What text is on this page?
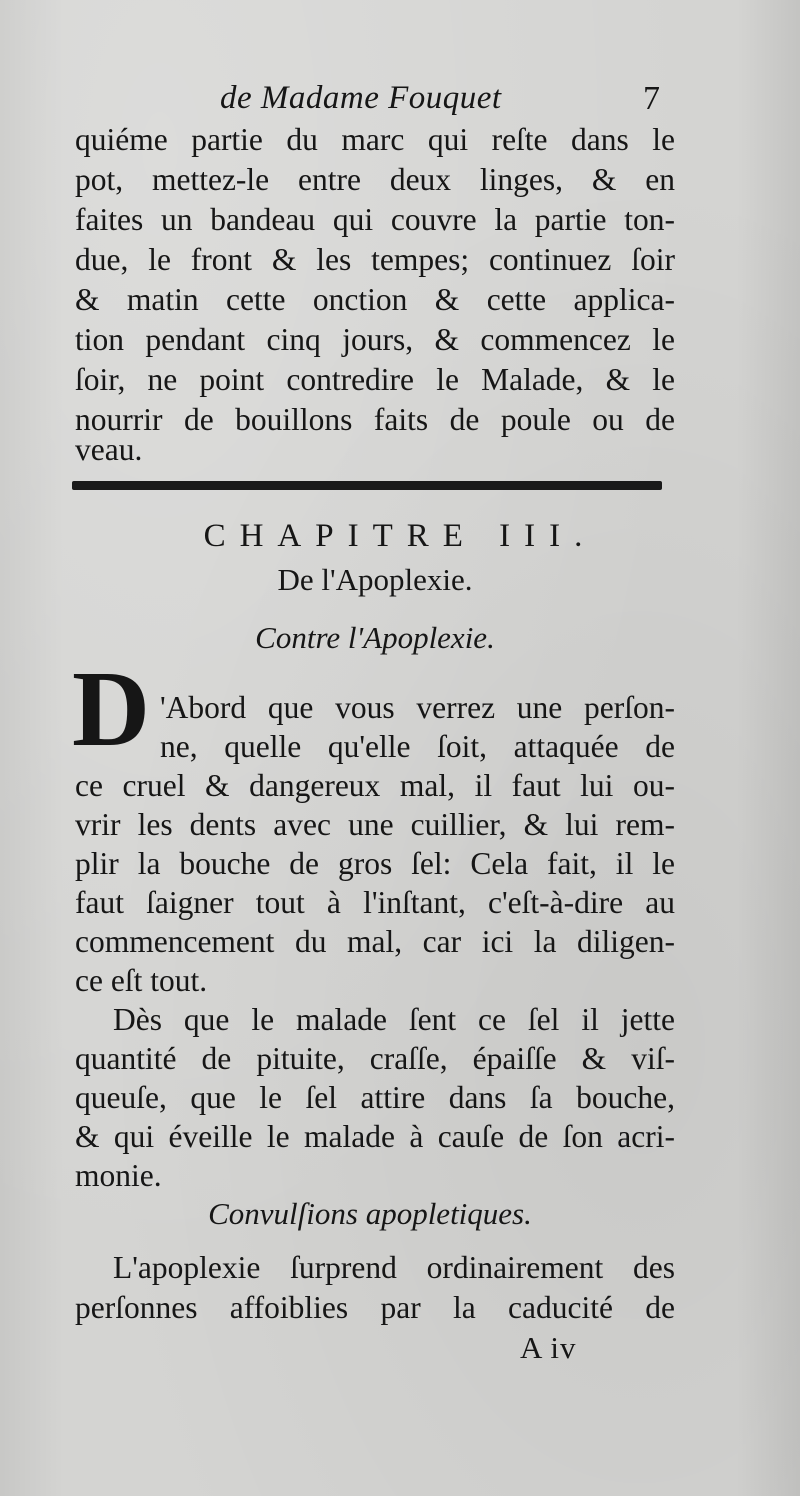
de Madame Fouquet	7
quiéme partie du marc qui reſte dans le
pot, mettez-le entre deux linges, & en
faites un bandeau qui couvre la partie ton-
due, le front & les tempes; continuez ſoir
& matin cette onction & cette applica-
tion pendant cinq jours, & commencez le
ſoir, ne point contredire le Malade, & le
nourrir de bouillons faits de poule ou de
veau.
CHAPITRE III.
De l'Apoplexie.
Contre l'Apoplexie.
D 'Abord que vous verrez une perſon-
ne, quelle qu'elle ſoit, attaquée de
ce cruel & dangereux mal, il faut lui ou-
vrir les dents avec une cuillier, & lui rem-
plir la bouche de gros ſel: Cela fait, il le
faut ſaigner tout à l'inſtant, c'eſt-à-dire au
commencement du mal, car ici la diligen-
ce eſt tout.
Dès que le malade ſent ce ſel il jette
quantité de pituite, craſſe, épaiſſe & viſ-
queuſe, que le ſel attire dans ſa bouche,
& qui éveille le malade à cauſe de ſon acri-
monie.
Convulſions apopletiques.
L'apoplexie ſurprend ordinairement des
perſonnes affoiblies par la caducité de
A iv
